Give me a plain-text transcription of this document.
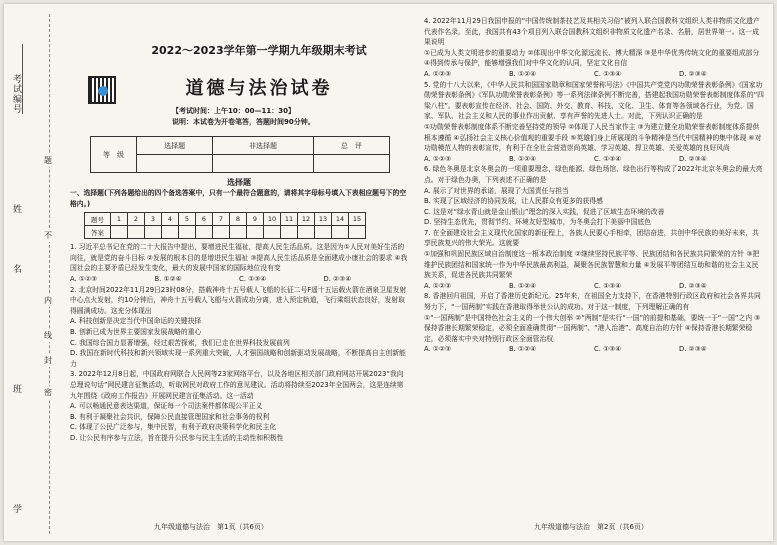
考试编号
姓
名
班
学
题
不
内
线
封
密
2022～2023学年第一学期九年级期末考试
道德与法治试卷
【考试时间：上午10：00—11：30】
说明：本试卷为开卷笔答，答题时间90分钟。
等　级	选择题	非选择题	总　评

选择题
一、选择题(下列各题给出的四个备选答案中，只有一个最符合题意的，请将其字母标号填入下表相应题号下的空格内。)
题号	1	2	3	4	5	6	7	8	9	10	11	12	13	14	15
答案															
1. 习近平总书记在党的二十大报告中提出，要增进民生福祉，提高人民生活品质。这是因为①人民对美好生活的向往，就是党的奋斗目标 ②发展的根本目的是增进民生福祉 ③提高人民生活品质是全面建成小康社会的要求 ④我国社会的主要矛盾已经发生变化，最大的发展中国家的国际地位没有变
A. ①②③	B. ①②④	C. ①③④	D. ②③④
2. 北京时间2022年11月29日23时08分，搭载神舟十五号载人飞船的长征二号F遥十五运载火箭在酒泉卫星发射中心点火发射，约10分钟后，神舟十五号载人飞船与火箭成功分离，进入预定轨道，飞行乘组状态良好，发射取得圆满成功。这充分体现出
A. 科技创新是决定当代中国命运的关键抉择
B. 创新已成为世界主要国家发展战略的重心
C. 我国综合国力显著增强，经过艰苦探索，我们已走在世界科技发展前列
D. 我国在新时代科技和新兴领域实现一系列重大突破，人才强国战略和创新驱动发展战略，不断提高自主创新能力
3. 2022年12月8日起，中国政府网联合人民网等23家网络平台，以及各地区相关部门政府网站开展2023“我向总理说句话”网民建言征集活动，听取网民对政府工作的意见建议。活动将持续至2023年全国两会，这是连续第九年围绕《政府工作报告》开展网民建言征集活动。这一活动
A. 可以畅通民意表达渠道，保证每一个司法案件都体现公平正义
B. 有利于凝聚社会共识，保障公民直接管理国家和社会事务的权利
C. 体现了公民广泛参与，集中民智，有利于政府决策科学化和民主化
D. 让公民有序参与立法，旨在提升公民参与民主生活的主动性和积极性
4. 2022年11月29日我国申报的“中国传统制茶技艺及其相关习俗”被列入联合国教科文组织人类非物质文化遗产代表作名录。至此，我国共有43个项目列入联合国教科文组织非物质文化遗产名录、名册，居世界第一。这一成果说明
①已成为人类文明进步的重要动力 ②体现出中华文化源远流长、博大精深 ③是中华优秀传统文化的重要组成部分 ④得到传承与保护，能够增强我们对中华文化的认同，坚定文化自信
A. ①②③	B. ①②④	C. ①③④	D. ②③④
5. 党的十八大以来，《中华人民共和国国家勋章和国家荣誉称号法》《中国共产党党内功勋荣誉表彰条例》《国家功勋荣誉表彰条例》《军队功勋荣誉表彰条例》等一系列法律条例不断完善，搭建起我国功勋荣誉表彰制度体系的“四梁八柱”。要表彰宣传在经济、社会、国防、外交、教育、科技、文化、卫生、体育等各领域各行业，为党、国家、军队、社会主义和人民的事业作出贡献、享有声誉的先进人士。对此，下列认识正确的是
①功勋荣誉表彰制度体系不断完善坚持党的领导 ②体现了人民当家作主 ③为建立健全功勋荣誉表彰制度体系提供根本遵循 ④弘扬社会主义核心价值观的重要手段 ⑤英雄们身上所展现的斗争精神是当代中国精神的集中体现 ⑥对功勋模范人物的表彰宣传，有利于在全社会营造崇尚英雄、学习英雄、捍卫英雄、关爱英雄的良好风尚
A. ①②③	B. ①②④	C. ①③④	D. ②③④
6. 绿色冬奥是北京冬奥会的一项重要理念，绿色能源、绿色场馆、绿色出行等构成了2022年北京冬奥会的最大亮点。对于绿色办奥，下列表述不正确的是
A. 展示了对世界的承诺，展现了大国责任与担当
B. 实现了区域经济的协同发展，让人民群众有更多的获得感
C. 这是对“绿水青山就是金山银山”理念的深入实践，促进了区域生态环境的改善
D. 坚持生态优先，贯彻节约、环境友好型城市，为冬奥会打下美丽中国底色
7. 在全面建设社会主义现代化国家的新征程上，各族人民要心手相牵，团结奋进，共创中华民族的美好未来，共享民族复兴的伟大荣光。这就要
①加强和巩固民族区域自治制度这一根本政治制度 ②继续坚持民族平等、民族团结和各民族共同繁荣的方针 ③把维护民族团结和国家统一作为中华民族最高利益，凝聚各民族智慧和力量 ④发展平等团结互助和谐的社会主义民族关系，促进各民族共同繁荣
A. ①②③	B. ①②④	C. ①③④	D. ②③④
8. 香港回归祖国，开启了香港历史新纪元。25年来，在祖国全力支持下，在香港特别行政区政府和社会各界共同努力下，“一国两制”实践在香港取得举世公认的成功。对于这一制度，下列理解正确的有
①“一国两制”是中国特色社会主义的一个伟大创举 ②“两制”是实行“一国”的前提和基础，要统一于“一国”之内 ③保持香港长期繁荣稳定，必须全面准确贯彻“一国两制”、“港人治港”、高度自治的方针 ④保持香港长期繁荣稳定，必须落实中央对特别行政区全面管治权
A. ①②③	B. ①②④	C. ①③④	D. ②③④
九年级道德与法治　第1页（共6页）	九年级道德与法治　第2页（共6页）
